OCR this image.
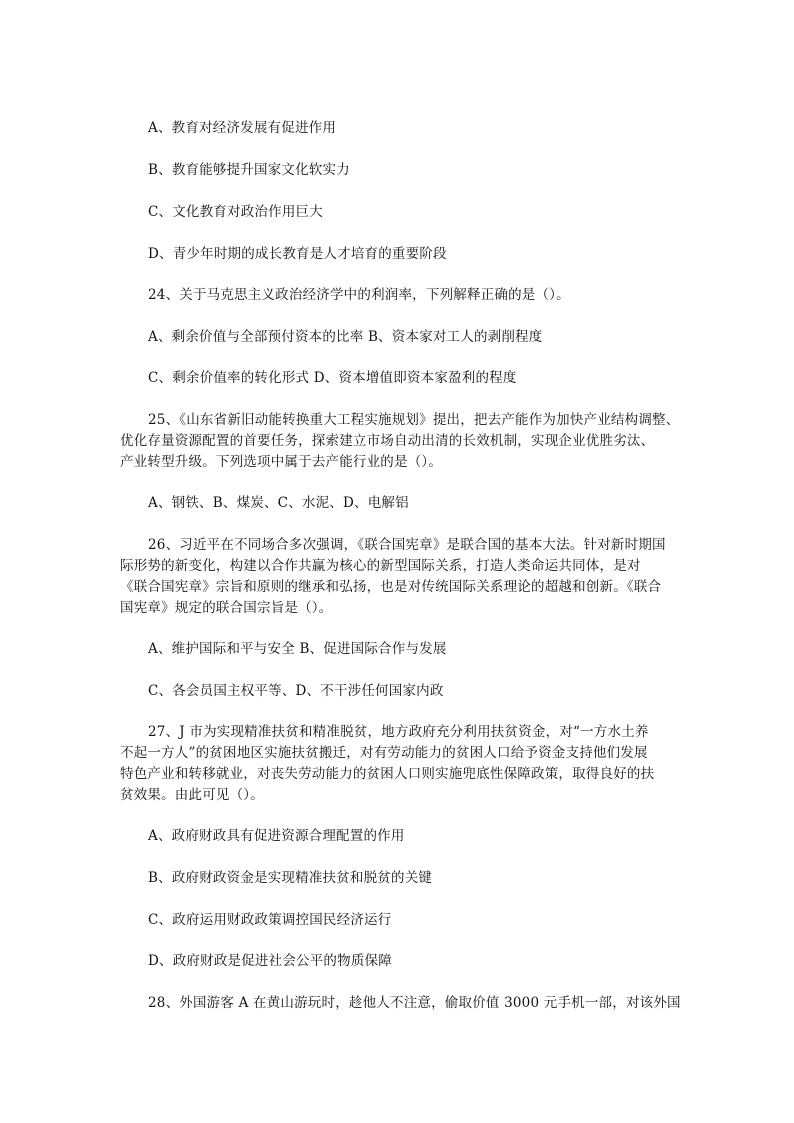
A、教育对经济发展有促进作用
B、教育能够提升国家文化软实力
C、文化教育对政治作用巨大
D、青少年时期的成长教育是人才培育的重要阶段
24、关于马克思主义政治经济学中的利润率，下列解释正确的是（）。
A、剩余价值与全部预付资本的比率 B、资本家对工人的剥削程度
C、剩余价值率的转化形式 D、资本增值即资本家盈利的程度
25、《山东省新旧动能转换重大工程实施规划》提出，把去产能作为加快产业结构调整、
优化存量资源配置的首要任务，探索建立市场自动出清的长效机制，实现企业优胜劣汰、
产业转型升级。下列选项中属于去产能行业的是（）。
A、钢铁、B、煤炭、C、水泥、D、电解铝
26、习近平在不同场合多次强调，《联合国宪章》是联合国的基本大法。针对新时期国
际形势的新变化，构建以合作共赢为核心的新型国际关系，打造人类命运共同体，是对
《联合国宪章》宗旨和原则的继承和弘扬，也是对传统国际关系理论的超越和创新。《联合
国宪章》规定的联合国宗旨是（）。
A、维护国际和平与安全 B、促进国际合作与发展
C、各会员国主权平等、D、不干涉任何国家内政
27、J 市为实现精准扶贫和精准脱贫，地方政府充分利用扶贫资金，对“一方水土养
不起一方人”的贫困地区实施扶贫搬迁，对有劳动能力的贫困人口给予资金支持他们发展
特色产业和转移就业，对丧失劳动能力的贫困人口则实施兜底性保障政策，取得良好的扶
贫效果。由此可见（）。
A、政府财政具有促进资源合理配置的作用
B、政府财政资金是实现精准扶贫和脱贫的关键
C、政府运用财政政策调控国民经济运行
D、政府财政是促进社会公平的物质保障
28、外国游客 A 在黄山游玩时，趁他人不注意，偷取价值 3000 元手机一部，对该外国
